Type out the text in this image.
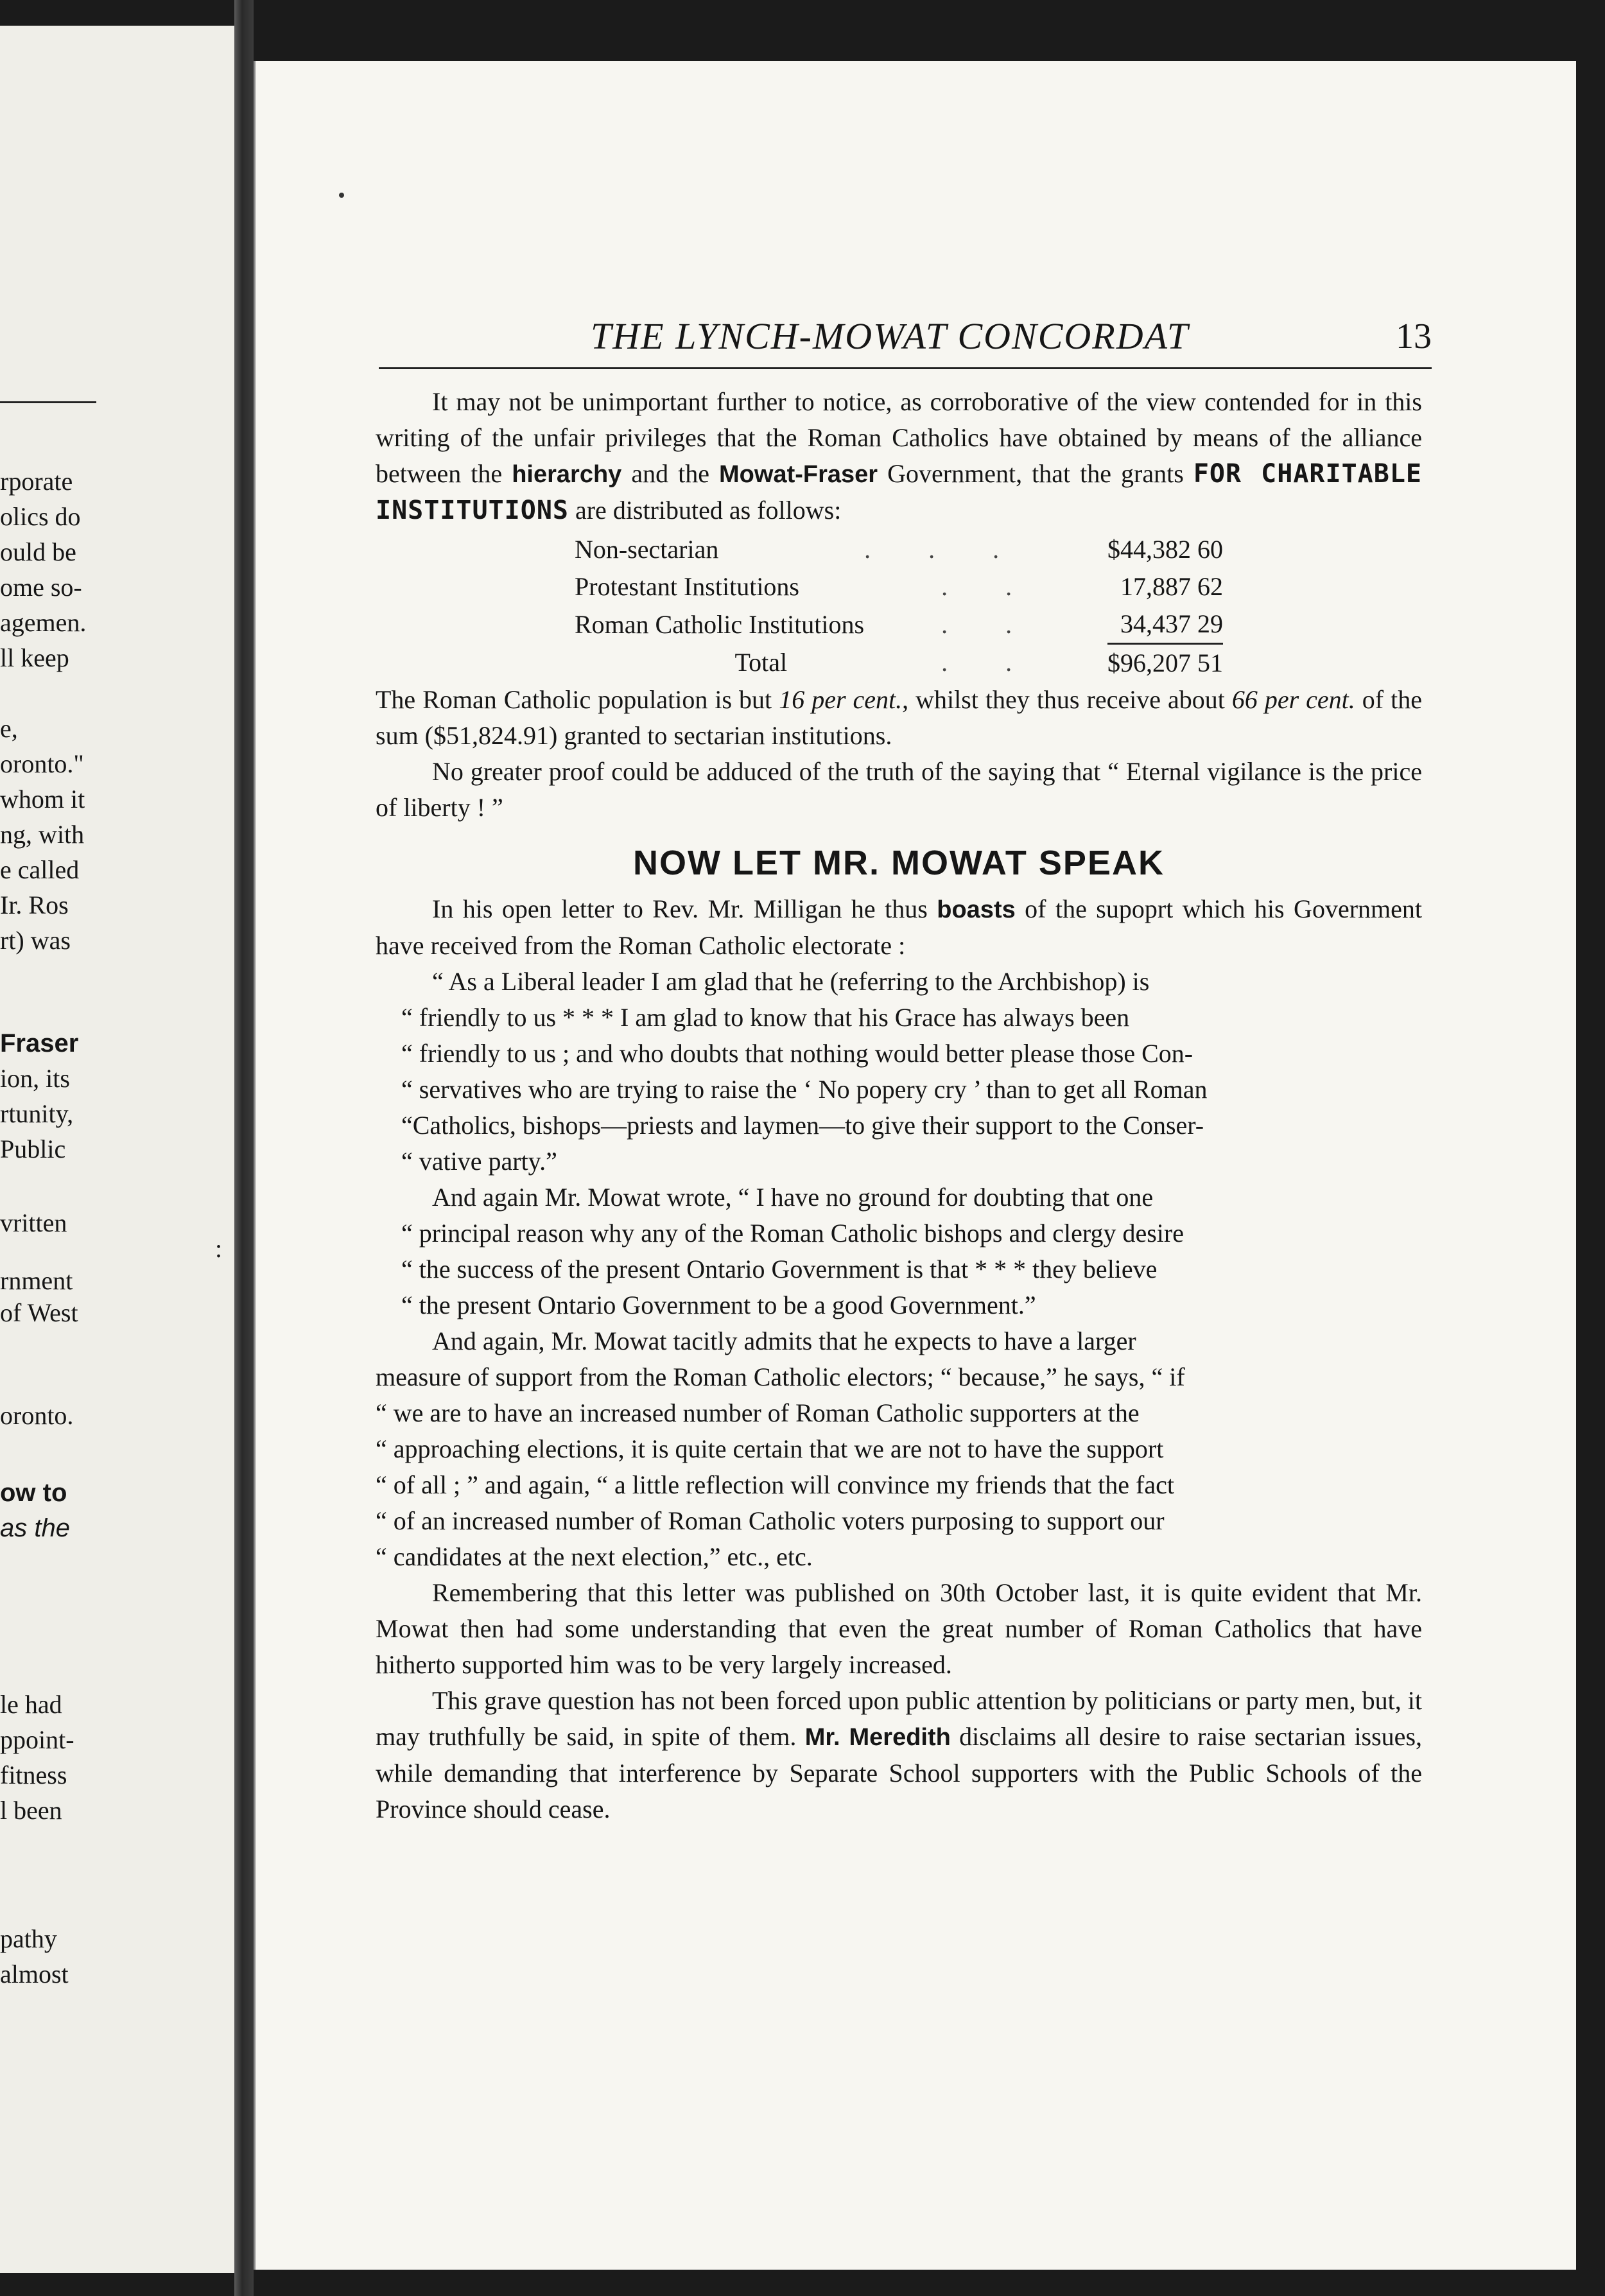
rporate
olics do
ould be
ome so-
agemen.
ll keep
e,
oronto."
whom it
ng, with
e called
Ir. Ros
rt) was
Fraser
ion, its
rtunity,
Public
vritten
:
rnment
of West
oronto.
ow to
as the
le had
ppoint-
fitness
l been
pathy
almost
THE LYNCH-MOWAT CONCORDAT	13

It may not be unimportant further to notice, as corroborative of the view contended for in this writing of the unfair privileges that the Roman Catholics have obtained by means of the alliance between the hierarchy and the Mowat-Fraser Government, that the grants FOR CHARITABLE INSTITUTIONS are distributed as follows:

Non-sectarian	. . .	$44,382 60
Protestant Institutions	. .	17,887 62
Roman Catholic Institutions	. .	34,437 29
Total	. .	$96,207 51

The Roman Catholic population is but 16 per cent., whilst they thus receive about 66 per cent. of the sum ($51,824.91) granted to sectarian institutions.

No greater proof could be adduced of the truth of the saying that “ Eternal vigilance is the price of liberty ! ”

NOW LET MR. MOWAT SPEAK

In his open letter to Rev. Mr. Milligan he thus boasts of the supoprt which his Government have received from the Roman Catholic electorate :

“ As a Liberal leader I am glad that he (referring to the Archbishop) is
“ friendly to us * * * I am glad to know that his Grace has always been
“ friendly to us ; and who doubts that nothing would better please those Con-
“ servatives who are trying to raise the ‘ No popery cry ’ than to get all Roman
“Catholics, bishops—priests and laymen—to give their support to the Conser-
“ vative party.”

And again Mr. Mowat wrote, “ I have no ground for doubting that one
“ principal reason why any of the Roman Catholic bishops and clergy desire
“ the success of the present Ontario Government is that * * * they believe
“ the present Ontario Government to be a good Government.”

And again, Mr. Mowat tacitly admits that he expects to have a larger
measure of support from the Roman Catholic electors; “ because,” he says, “ if
“ we are to have an increased number of Roman Catholic supporters at the
“ approaching elections, it is quite certain that we are not to have the support
“ of all ; ” and again, “ a little reflection will convince my friends that the fact
“ of an increased number of Roman Catholic voters purposing to support our
“ candidates at the next election,” etc., etc.

Remembering that this letter was published on 30th October last, it is quite evident that Mr. Mowat then had some understanding that even the great number of Roman Catholics that have hitherto supported him was to be very largely increased.

This grave question has not been forced upon public attention by politicians or party men, but, it may truthfully be said, in spite of them. Mr. Meredith disclaims all desire to raise sectarian issues, while demanding that interference by Separate School supporters with the Public Schools of the Province should cease.
